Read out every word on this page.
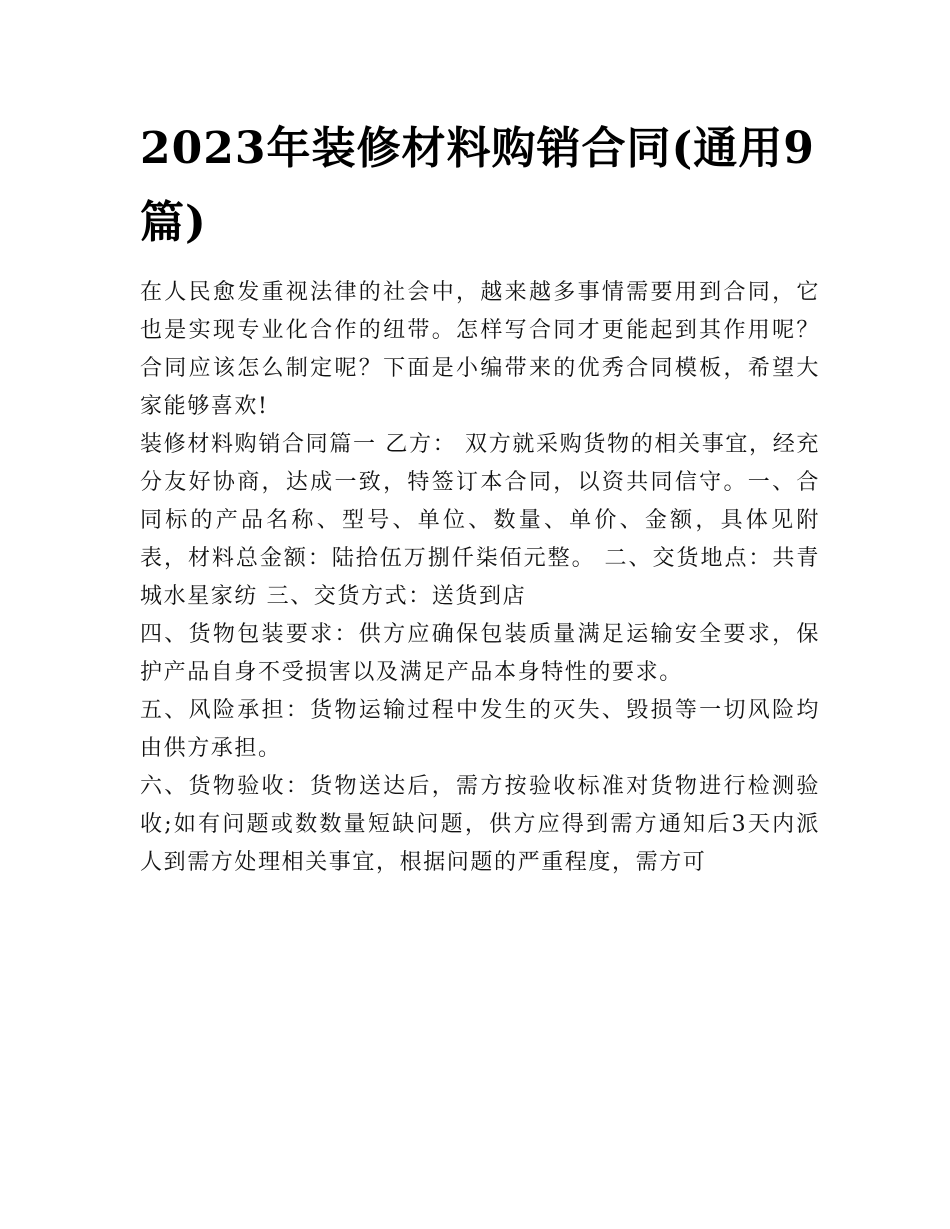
2023年装修材料购销合同(通用9篇)

在人民愈发重视法律的社会中，越来越多事情需要用到合同，它也是实现专业化合作的纽带。怎样写合同才更能起到其作用呢？合同应该怎么制定呢？下面是小编带来的优秀合同模板，希望大家能够喜欢!

装修材料购销合同篇一 乙方： 双方就采购货物的相关事宜，经充分友好协商，达成一致，特签订本合同，以资共同信守。一、合同标的产品名称、型号、单位、数量、单价、金额，具体见附表，材料总金额：陆拾伍万捌仟柒佰元整。 二、交货地点：共青城水星家纺 三、交货方式：送货到店

四、货物包装要求：供方应确保包装质量满足运输安全要求，保护产品自身不受损害以及满足产品本身特性的要求。

五、风险承担：货物运输过程中发生的灭失、毁损等一切风险均由供方承担。

六、货物验收：货物送达后，需方按验收标准对货物进行检测验收;如有问题或数数量短缺问题，供方应得到需方通知后3天内派人到需方处理相关事宜，根据问题的严重程度，需方可
